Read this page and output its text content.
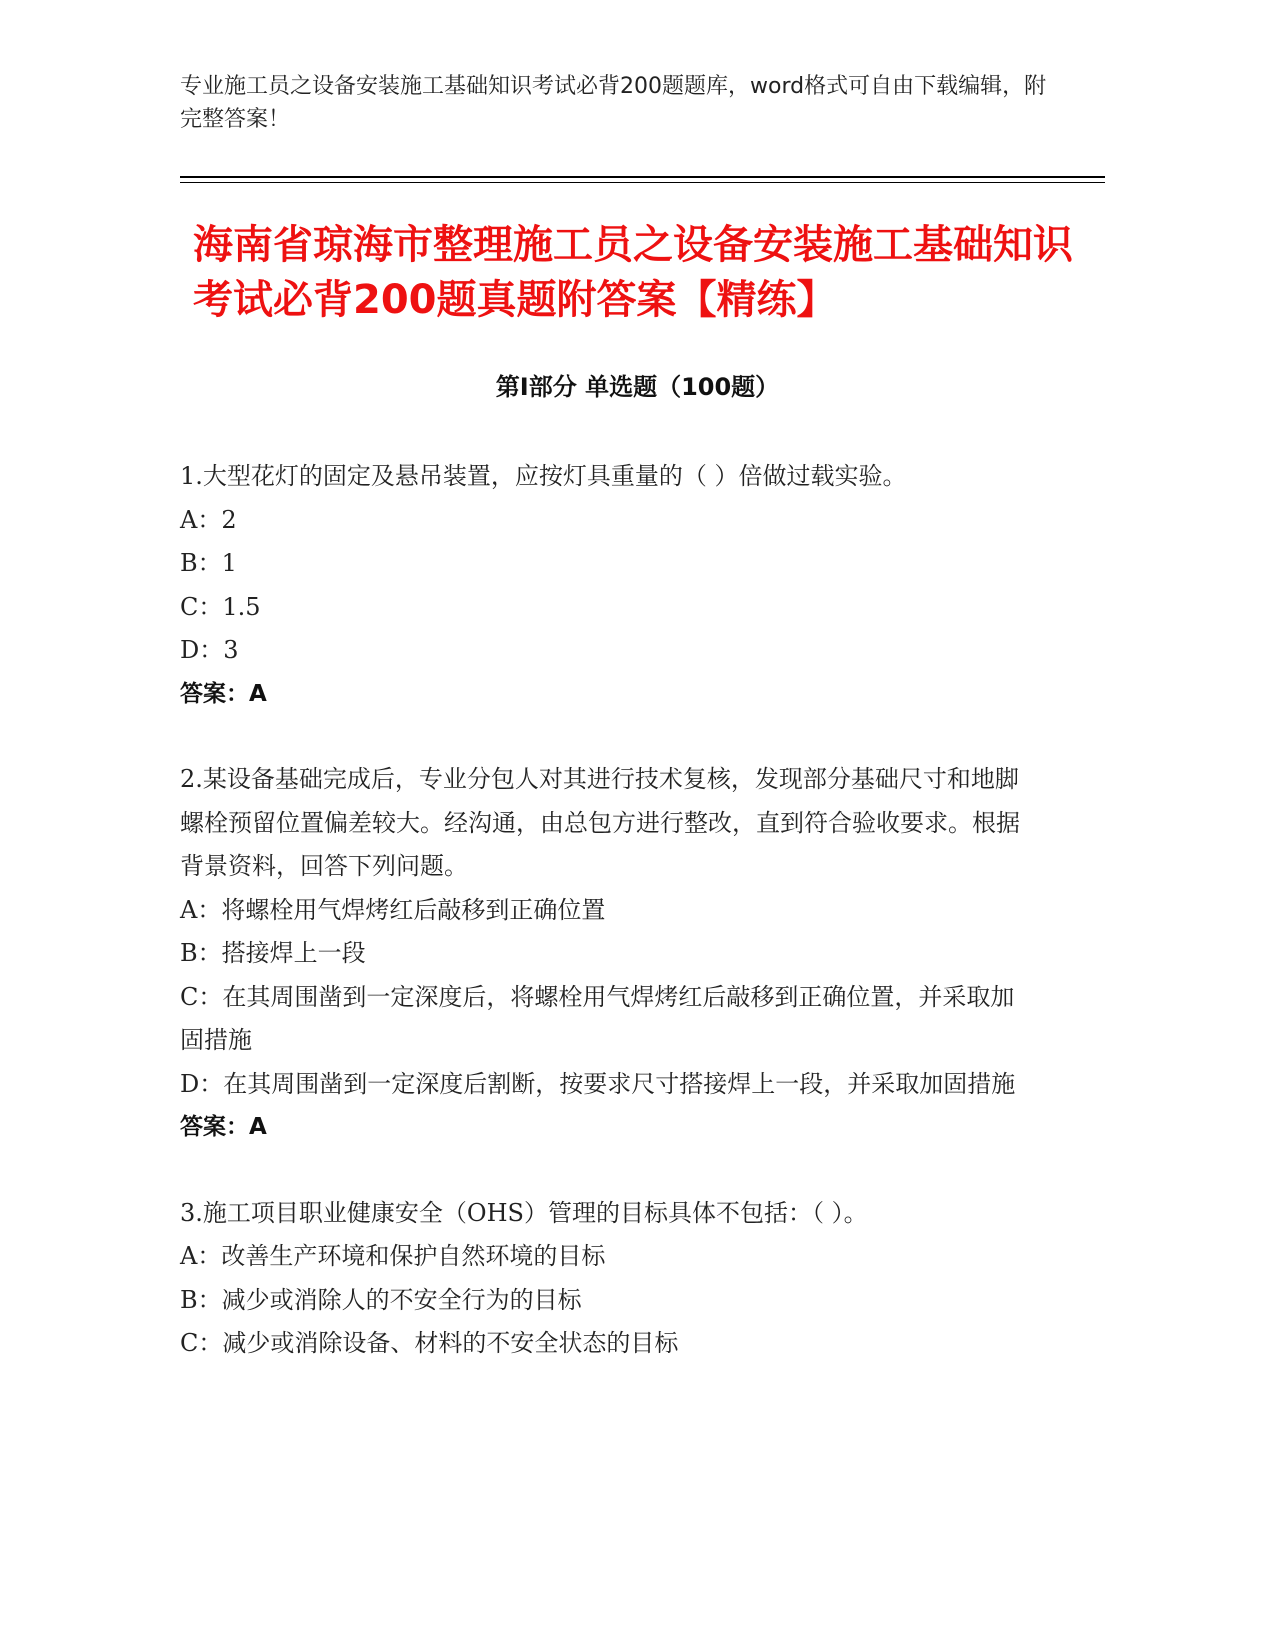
专业施工员之设备安装施工基础知识考试必背200题题库，word格式可自由下载编辑，附完整答案！
海南省琼海市整理施工员之设备安装施工基础知识考试必背200题真题附答案【精练】
第Ⅰ部分 单选题（100题）

1.大型花灯的固定及悬吊装置，应按灯具重量的（ ）倍做过载实验。

A：2

B：1

C：1.5

D：3

答案：A

2.某设备基础完成后，专业分包人对其进行技术复核，发现部分基础尺寸和地脚螺栓预留位置偏差较大。经沟通，由总包方进行整改，直到符合验收要求。根据背景资料，回答下列问题。

A：将螺栓用气焊烤红后敲移到正确位置

B：搭接焊上一段

C：在其周围凿到一定深度后，将螺栓用气焊烤红后敲移到正确位置，并采取加固措施

D：在其周围凿到一定深度后割断，按要求尺寸搭接焊上一段，并采取加固措施

答案：A

3.施工项目职业健康安全（OHS）管理的目标具体不包括：（ ）。

A：改善生产环境和保护自然环境的目标

B：减少或消除人的不安全行为的目标

C：减少或消除设备、材料的不安全状态的目标
